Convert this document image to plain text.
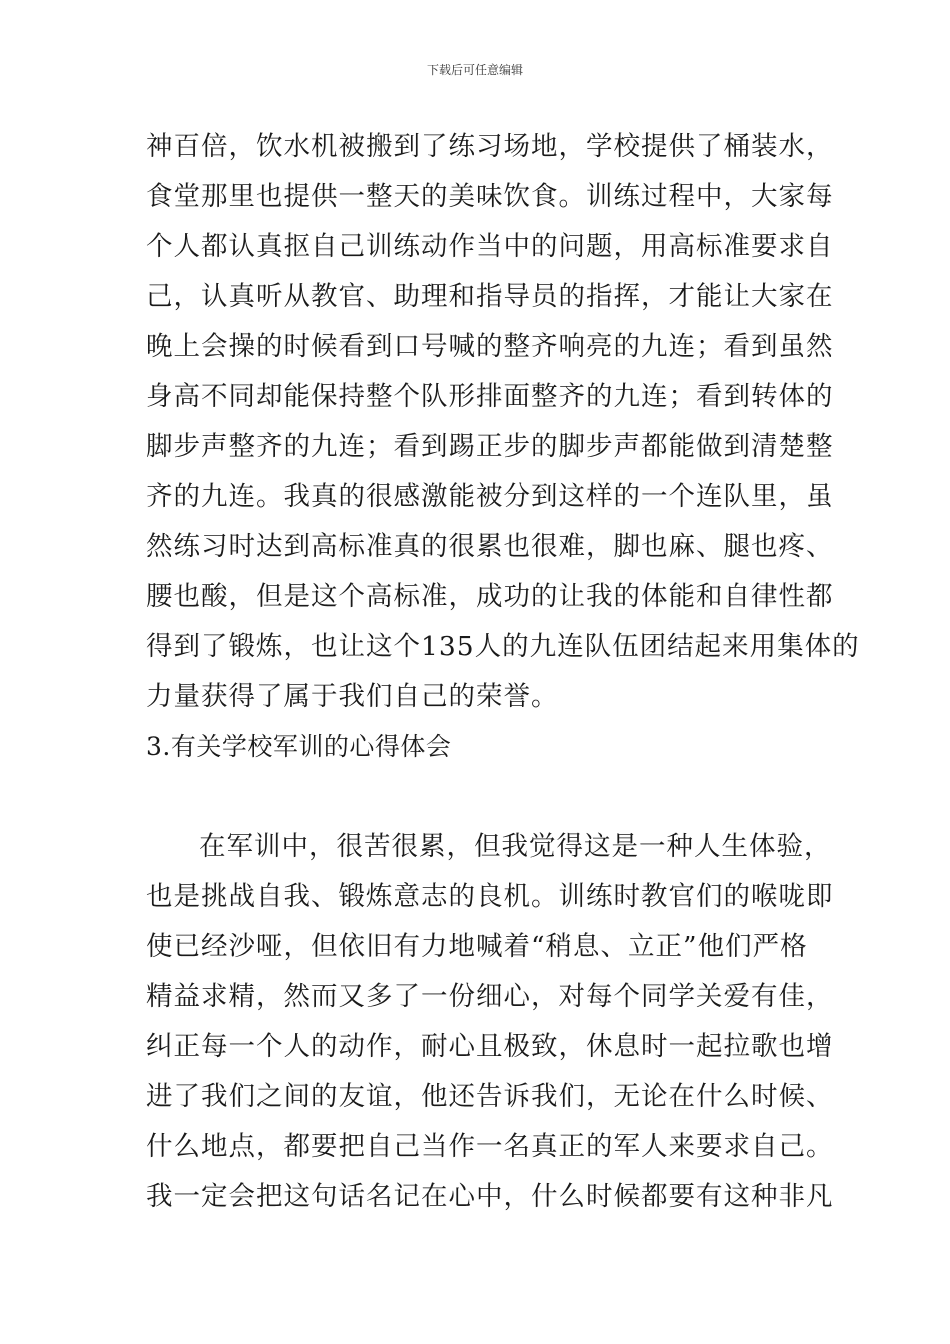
下载后可任意编辑
神百倍，饮水机被搬到了练习场地，学校提供了桶装水，
食堂那里也提供一整天的美味饮食。训练过程中，大家每
个人都认真抠自己训练动作当中的问题，用高标准要求自
己，认真听从教官、助理和指导员的指挥，才能让大家在
晚上会操的时候看到口号喊的整齐响亮的九连；看到虽然
身高不同却能保持整个队形排面整齐的九连；看到转体的
脚步声整齐的九连；看到踢正步的脚步声都能做到清楚整
齐的九连。我真的很感激能被分到这样的一个连队里，虽
然练习时达到高标准真的很累也很难，脚也麻、腿也疼、
腰也酸，但是这个高标准，成功的让我的体能和自律性都
得到了锻炼，也让这个135人的九连队伍团结起来用集体的
力量获得了属于我们自己的荣誉。
3.有关学校军训的心得体会
在军训中，很苦很累，但我觉得这是一种人生体验，
也是挑战自我、锻炼意志的良机。训练时教官们的喉咙即
使已经沙哑，但依旧有力地喊着“稍息、立正”他们严格
精益求精，然而又多了一份细心，对每个同学关爱有佳，
纠正每一个人的动作，耐心且极致，休息时一起拉歌也增
进了我们之间的友谊，他还告诉我们，无论在什么时候、
什么地点，都要把自己当作一名真正的军人来要求自己。
我一定会把这句话名记在心中，什么时候都要有这种非凡
